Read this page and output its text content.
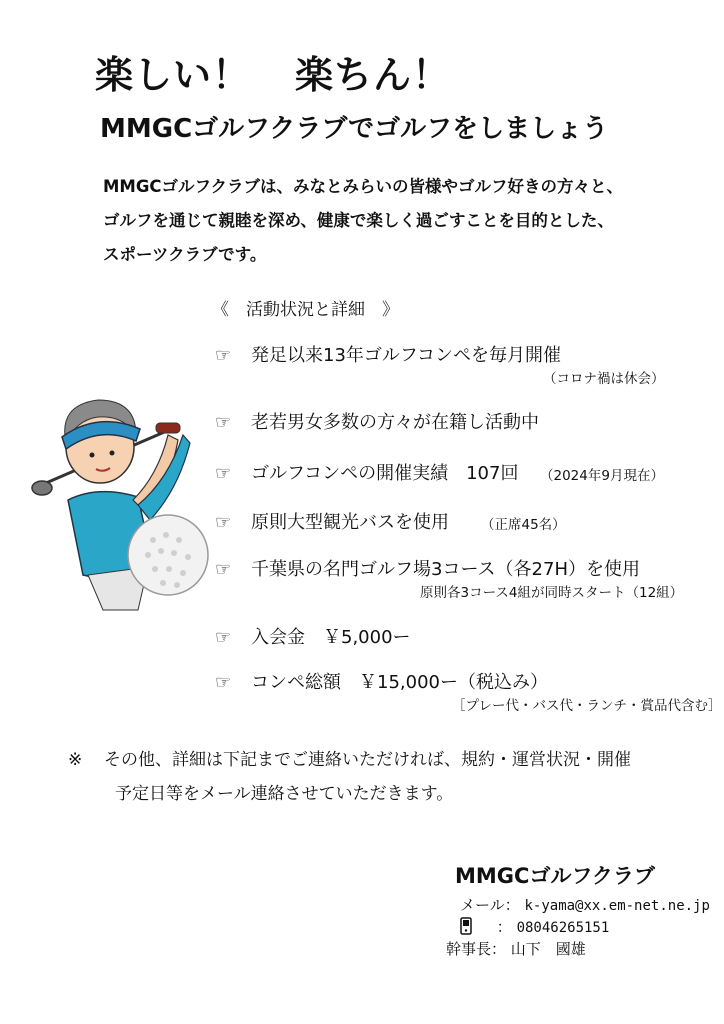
楽しい！ 楽ちん！
MMGCゴルフクラブでゴルフをしましょう
MMGCゴルフクラブは、みなとみらいの皆様やゴルフ好きの方々と、
ゴルフを通じて親睦を深め、健康で楽しく過ごすことを目的とした、
スポーツクラブです。
《　活動状況と詳細　》
☞ 発足以来13年ゴルフコンペを毎月開催
（コロナ禍は休会）
☞ 老若男女多数の方々が在籍し活動中
☞ ゴルフコンペの開催実績　107回 （2024年9月現在）
☞ 原則大型観光バスを使用 （正席45名）
☞ 千葉県の名門ゴルフ場3コース（各27H）を使用
原則各3コース4組が同時スタート（12組）
☞ 入会金　￥5,000ー
☞ コンペ総額　￥15,000ー（税込み）
［プレー代・バス代・ランチ・賞品代含む］
※ その他、詳細は下記までご連絡いただければ、規約・運営状況・開催
予定日等をメール連絡させていただきます。
MMGCゴルフクラブ
メール： k-yama@xx.em-net.ne.jp
： 08046265151
幹事長： 山下　國雄
